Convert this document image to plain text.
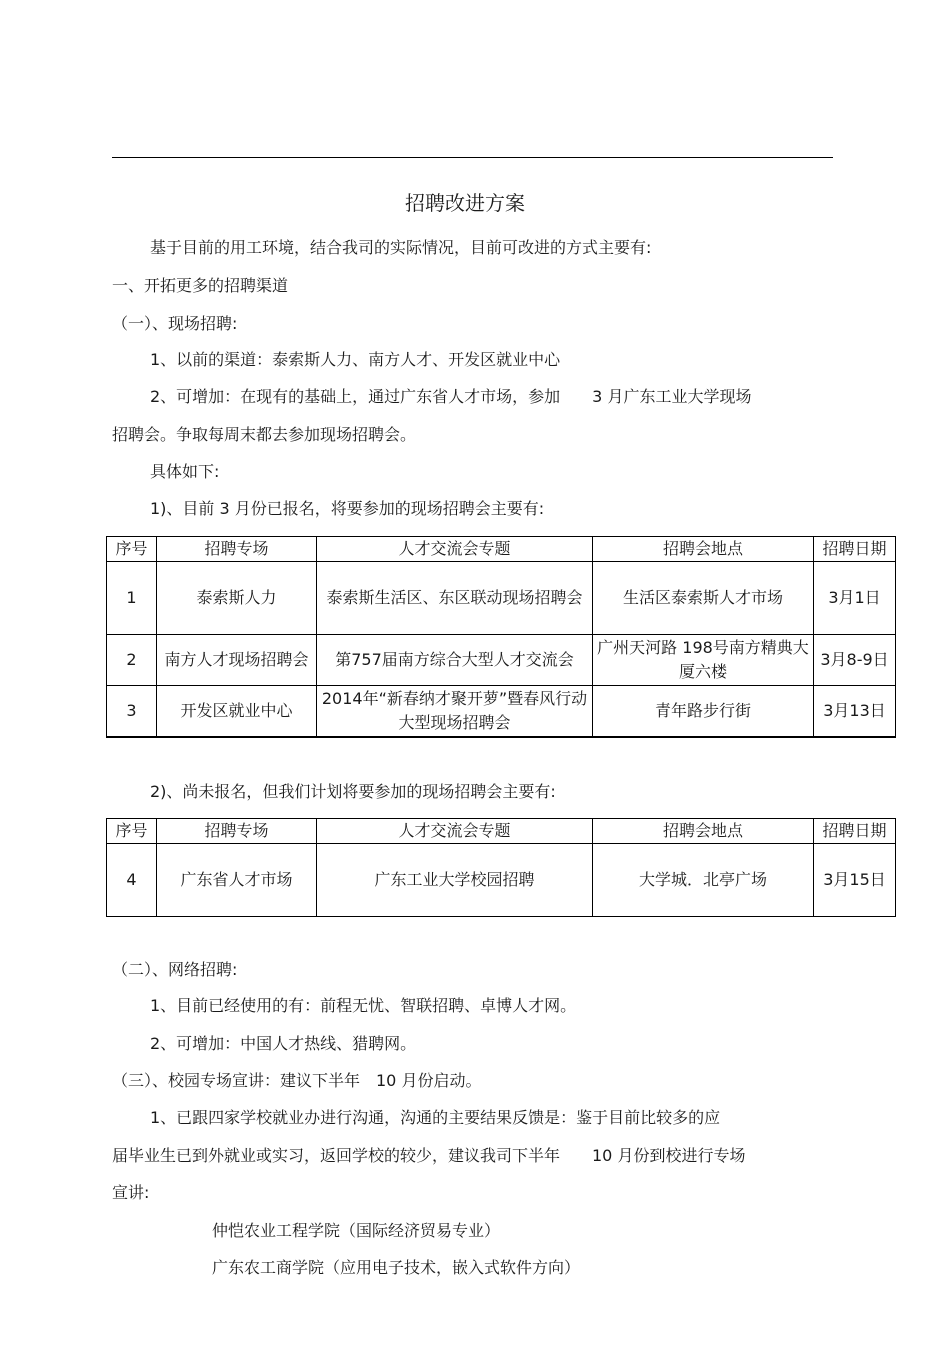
招聘改进方案
基于目前的用工环境，结合我司的实际情况，目前可改进的方式主要有:
一、开拓更多的招聘渠道
（一）、现场招聘:
1、以前的渠道：泰索斯人力、南方人才、开发区就业中心
2、可增加：在现有的基础上，通过广东省人才市场，参加　　3 月广东工业大学现场
招聘会。争取每周末都去参加现场招聘会。
具体如下:
1)、目前 3 月份已报名，将要参加的现场招聘会主要有:
序号	招聘专场	人才交流会专题	招聘会地点	招聘日期
1	泰索斯人力	泰索斯生活区、东区联动现场招聘会	生活区泰索斯人才市场	3月1日
2	南方人才现场招聘会	第757届南方综合大型人才交流会	广州天河路 198号南方精典大厦六楼	3月8-9日
3	开发区就业中心	2014年“新春纳才聚开萝”暨春风行动大型现场招聘会	青年路步行街	3月13日
2)、尚未报名，但我们计划将要参加的现场招聘会主要有:
序号	招聘专场	人才交流会专题	招聘会地点	招聘日期
4	广东省人才市场	广东工业大学校园招聘	大学城．北亭广场	3月15日
（二）、网络招聘:
1、目前已经使用的有：前程无忧、智联招聘、卓博人才网。
2、可增加：中国人才热线、猎聘网。
（三）、校园专场宣讲：建议下半年　10 月份启动。
1、已跟四家学校就业办进行沟通，沟通的主要结果反馈是：鉴于目前比较多的应
届毕业生已到外就业或实习，返回学校的较少，建议我司下半年　　10 月份到校进行专场
宣讲:
仲恺农业工程学院（国际经济贸易专业）
广东农工商学院（应用电子技术，嵌入式软件方向）
